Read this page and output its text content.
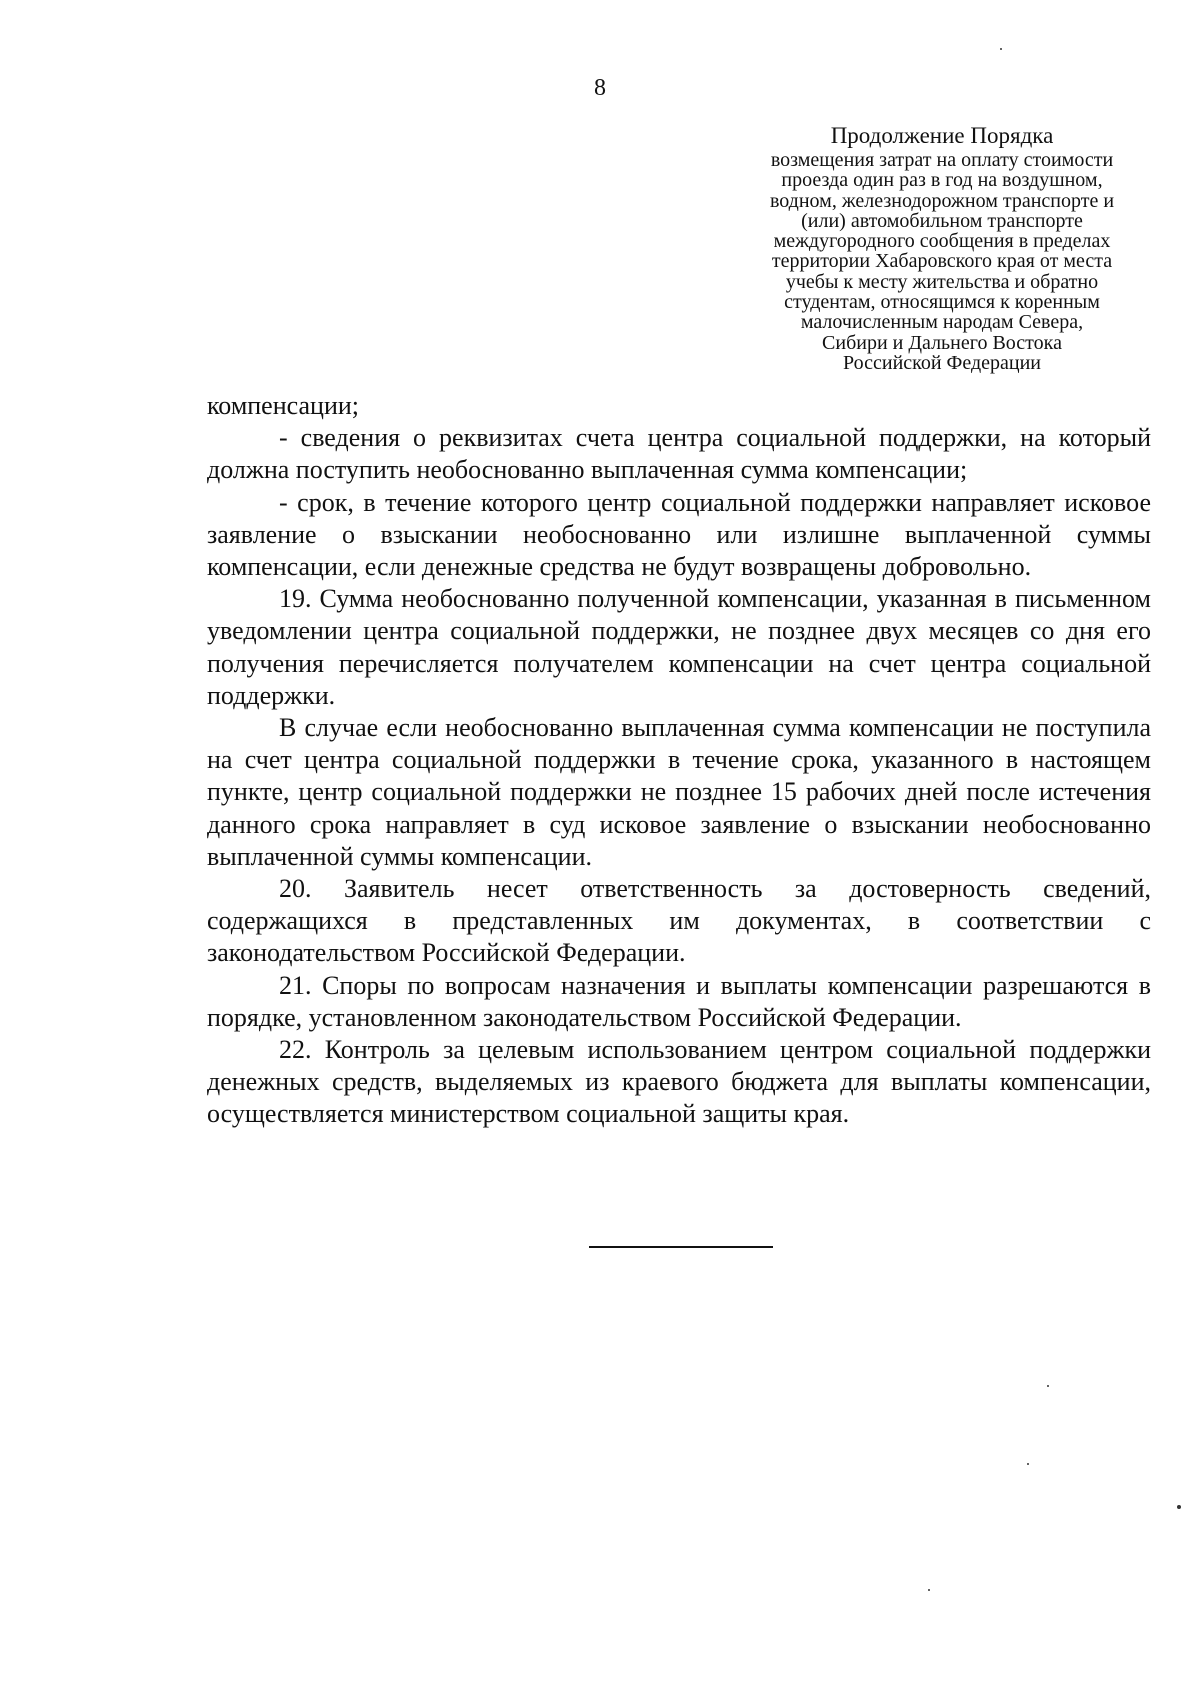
8
Продолжение Порядка
возмещения затрат на оплату стоимости
проезда один раз в год на воздушном,
водном, железнодорожном транспорте и
(или) автомобильном транспорте
междугородного сообщения в пределах
территории Хабаровского края от места
учебы к месту жительства и обратно
студентам, относящимся к коренным
малочисленным народам Севера,
Сибири и Дальнего Востока
Российской Федерации

компенсации;

- сведения о реквизитах счета центра социальной поддержки, на который должна поступить необоснованно выплаченная сумма компенсации;

- срок, в течение которого центр социальной поддержки направляет исковое заявление о взыскании необоснованно или излишне выплаченной суммы компенсации, если денежные средства не будут возвращены добровольно.

19. Сумма необоснованно полученной компенсации, указанная в письменном уведомлении центра социальной поддержки, не позднее двух месяцев со дня его получения перечисляется получателем компенсации на счет центра социальной поддержки.

В случае если необоснованно выплаченная сумма компенсации не поступила на счет центра социальной поддержки в течение срока, указанного в настоящем пункте, центр социальной поддержки не позднее 15 рабочих дней после истечения данного срока направляет в суд исковое заявление о взыскании необоснованно выплаченной суммы компенсации.

20. Заявитель несет ответственность за достоверность сведений, содержащихся в представленных им документах, в соответствии с законодательством Российской Федерации.

21. Споры по вопросам назначения и выплаты компенсации разрешаются в порядке, установленном законодательством Российской Федерации.

22. Контроль за целевым использованием центром социальной поддержки денежных средств, выделяемых из краевого бюджета для выплаты компенсации, осуществляется министерством социальной защиты края.
